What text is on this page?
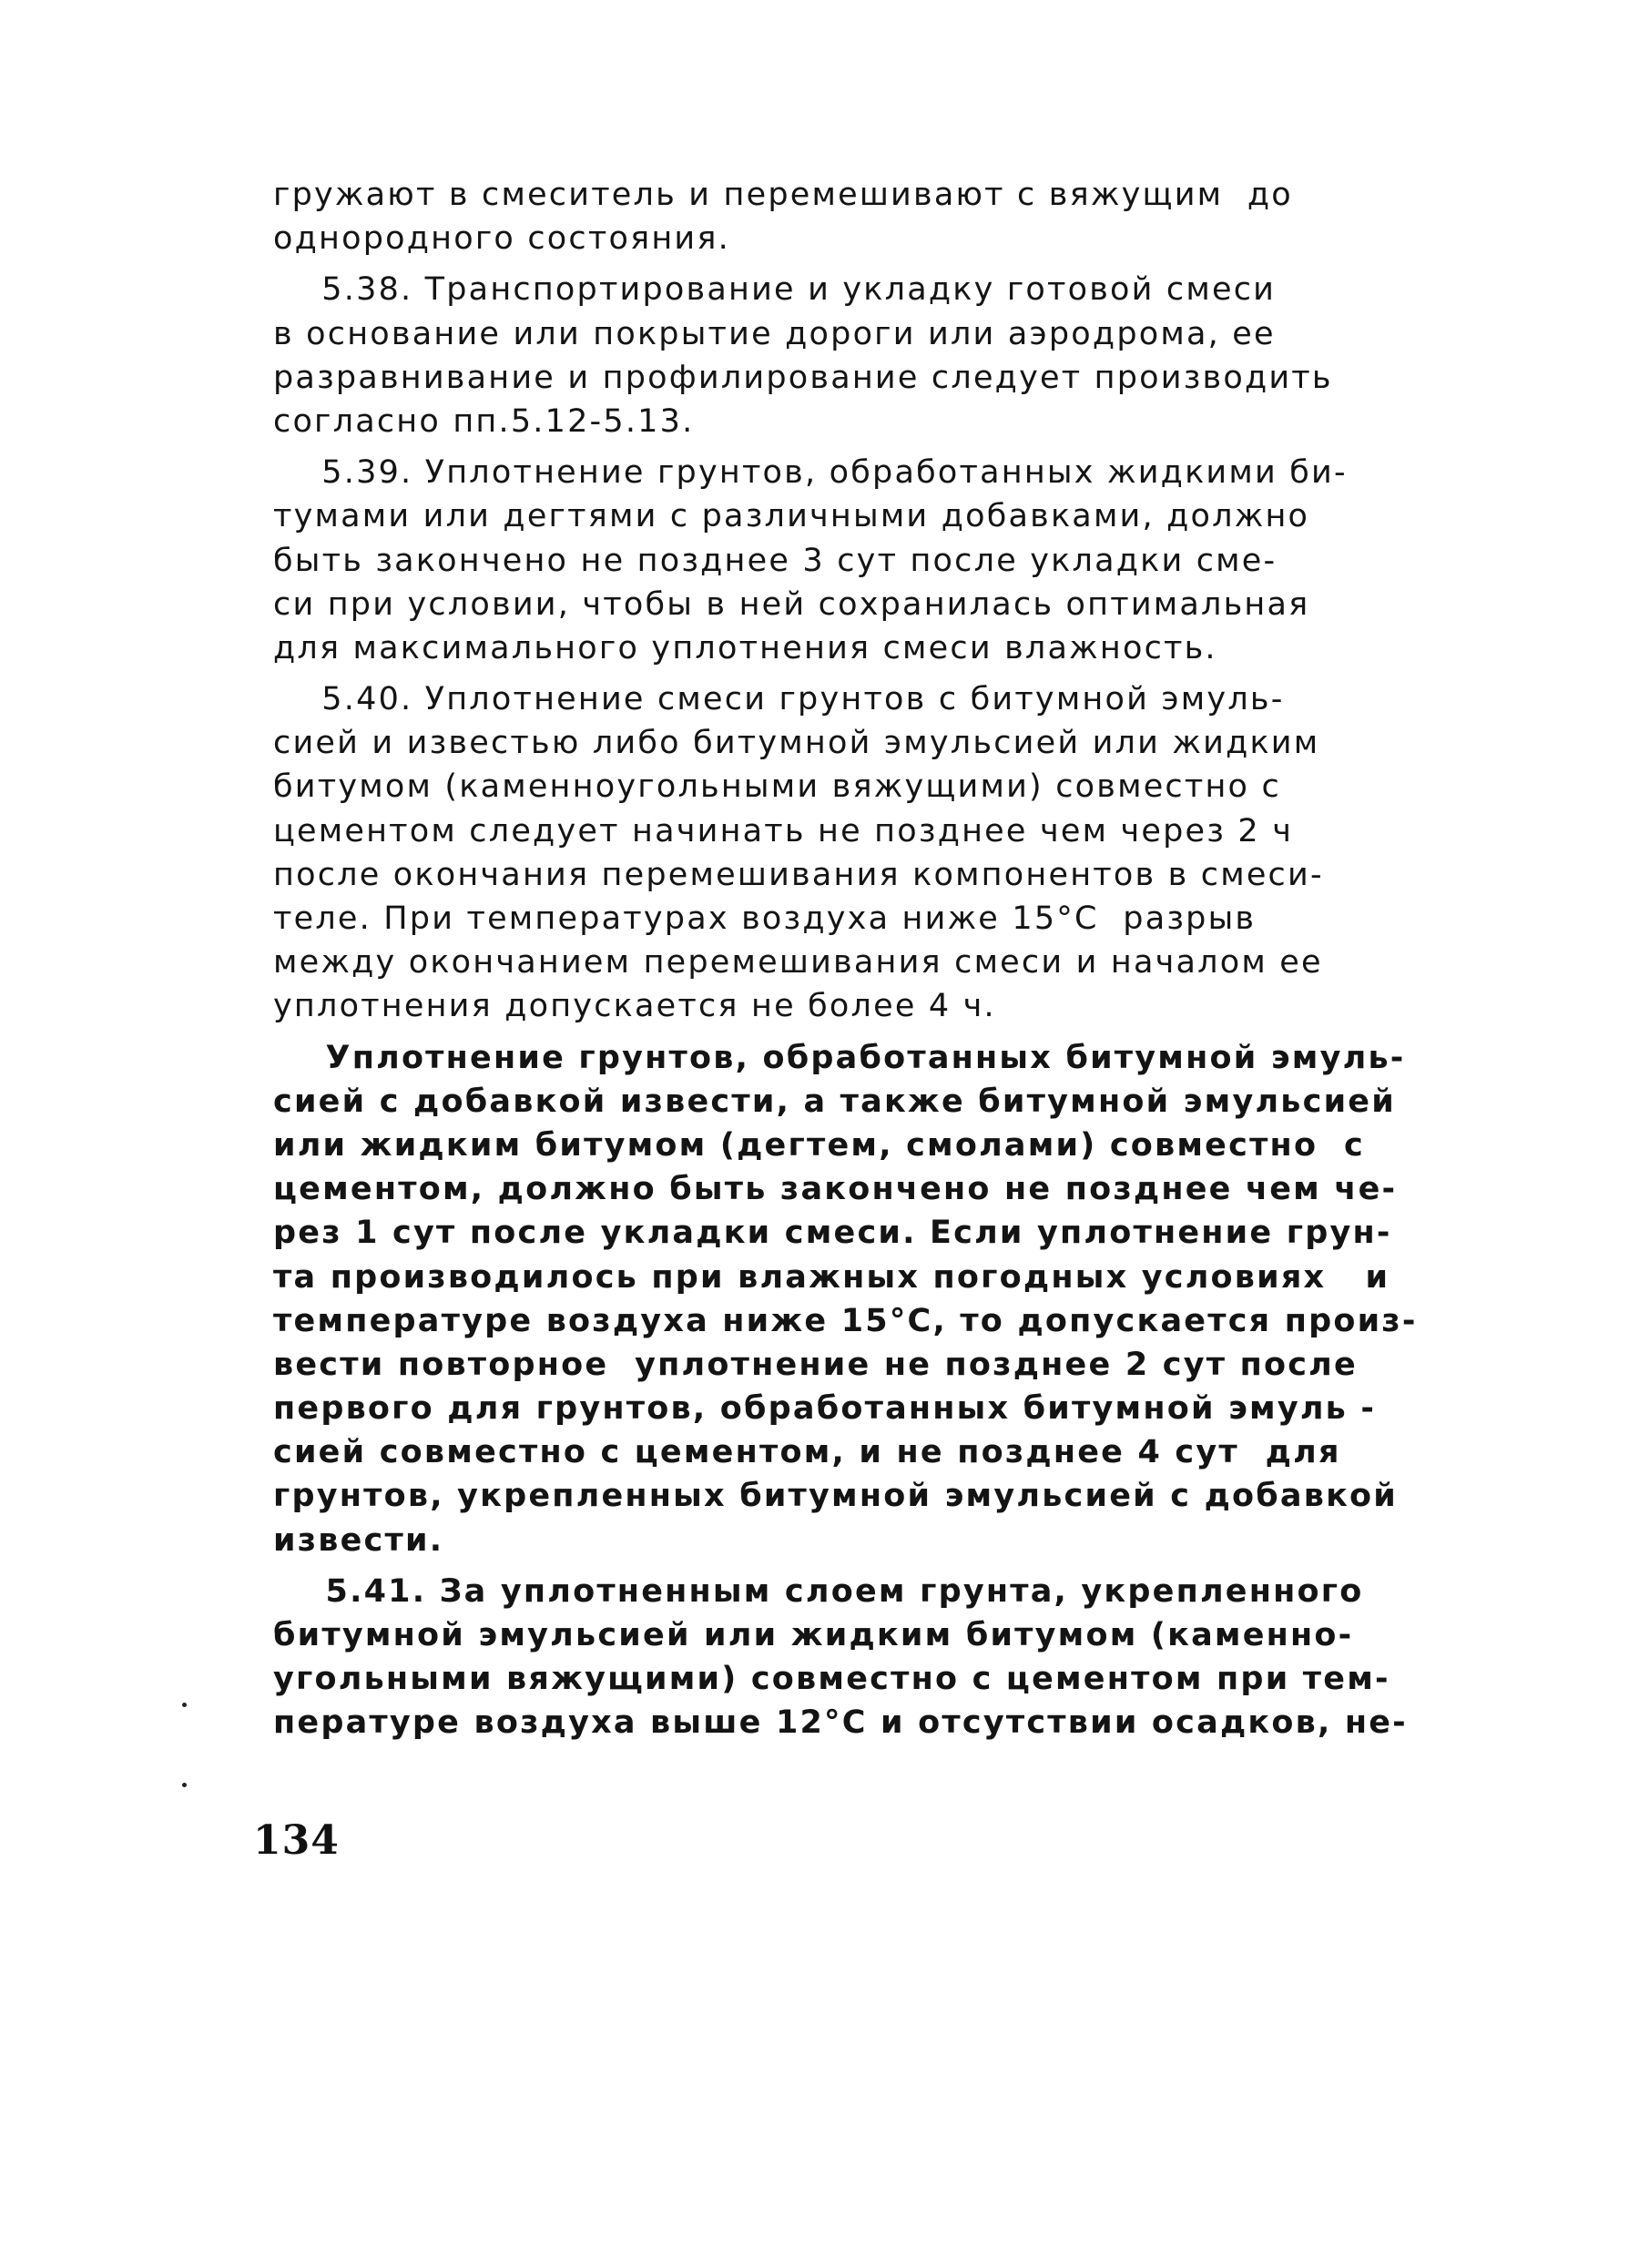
гружают в смеситель и перемешивают с вяжущим  до
однородного состояния.
5.38. Транспортирование и укладку готовой смеси
в основание или покрытие дороги или аэродрома, ее
разравнивание и профилирование следует производить
согласно пп.5.12-5.13.
5.39. Уплотнение грунтов, обработанных жидкими би-
тумами или дегтями с различными добавками, должно
быть закончено не позднее 3 сут после укладки сме-
си при условии, чтобы в ней сохранилась оптимальная
для максимального уплотнения смеси влажность.
5.40. Уплотнение смеси грунтов с битумной эмуль-
сией и известью либо битумной эмульсией или жидким
битумом (каменноугольными вяжущими) совместно с
цементом следует начинать не позднее чем через 2 ч
после окончания перемешивания компонентов в смеси-
теле. При температурах воздуха ниже 15°С  разрыв
между окончанием перемешивания смеси и началом ее
уплотнения допускается не более 4 ч.
Уплотнение грунтов, обработанных битумной эмуль-
сией с добавкой извести, а также битумной эмульсией
или жидким битумом (дегтем, смолами) совместно  с
цементом, должно быть закончено не позднее чем че-
рез 1 сут после укладки смеси. Если уплотнение грун-
та производилось при влажных погодных условиях   и
температуре воздуха ниже 15°С, то допускается произ-
вести повторное  уплотнение не позднее 2 сут после
первого для грунтов, обработанных битумной эмуль -
сией совместно с цементом, и не позднее 4 сут  для
грунтов, укрепленных битумной эмульсией с добавкой
извести.
5.41. За уплотненным слоем грунта, укрепленного
битумной эмульсией или жидким битумом (каменно-
угольными вяжущими) совместно с цементом при тем-
пературе воздуха выше 12°С и отсутствии осадков, не-
134
